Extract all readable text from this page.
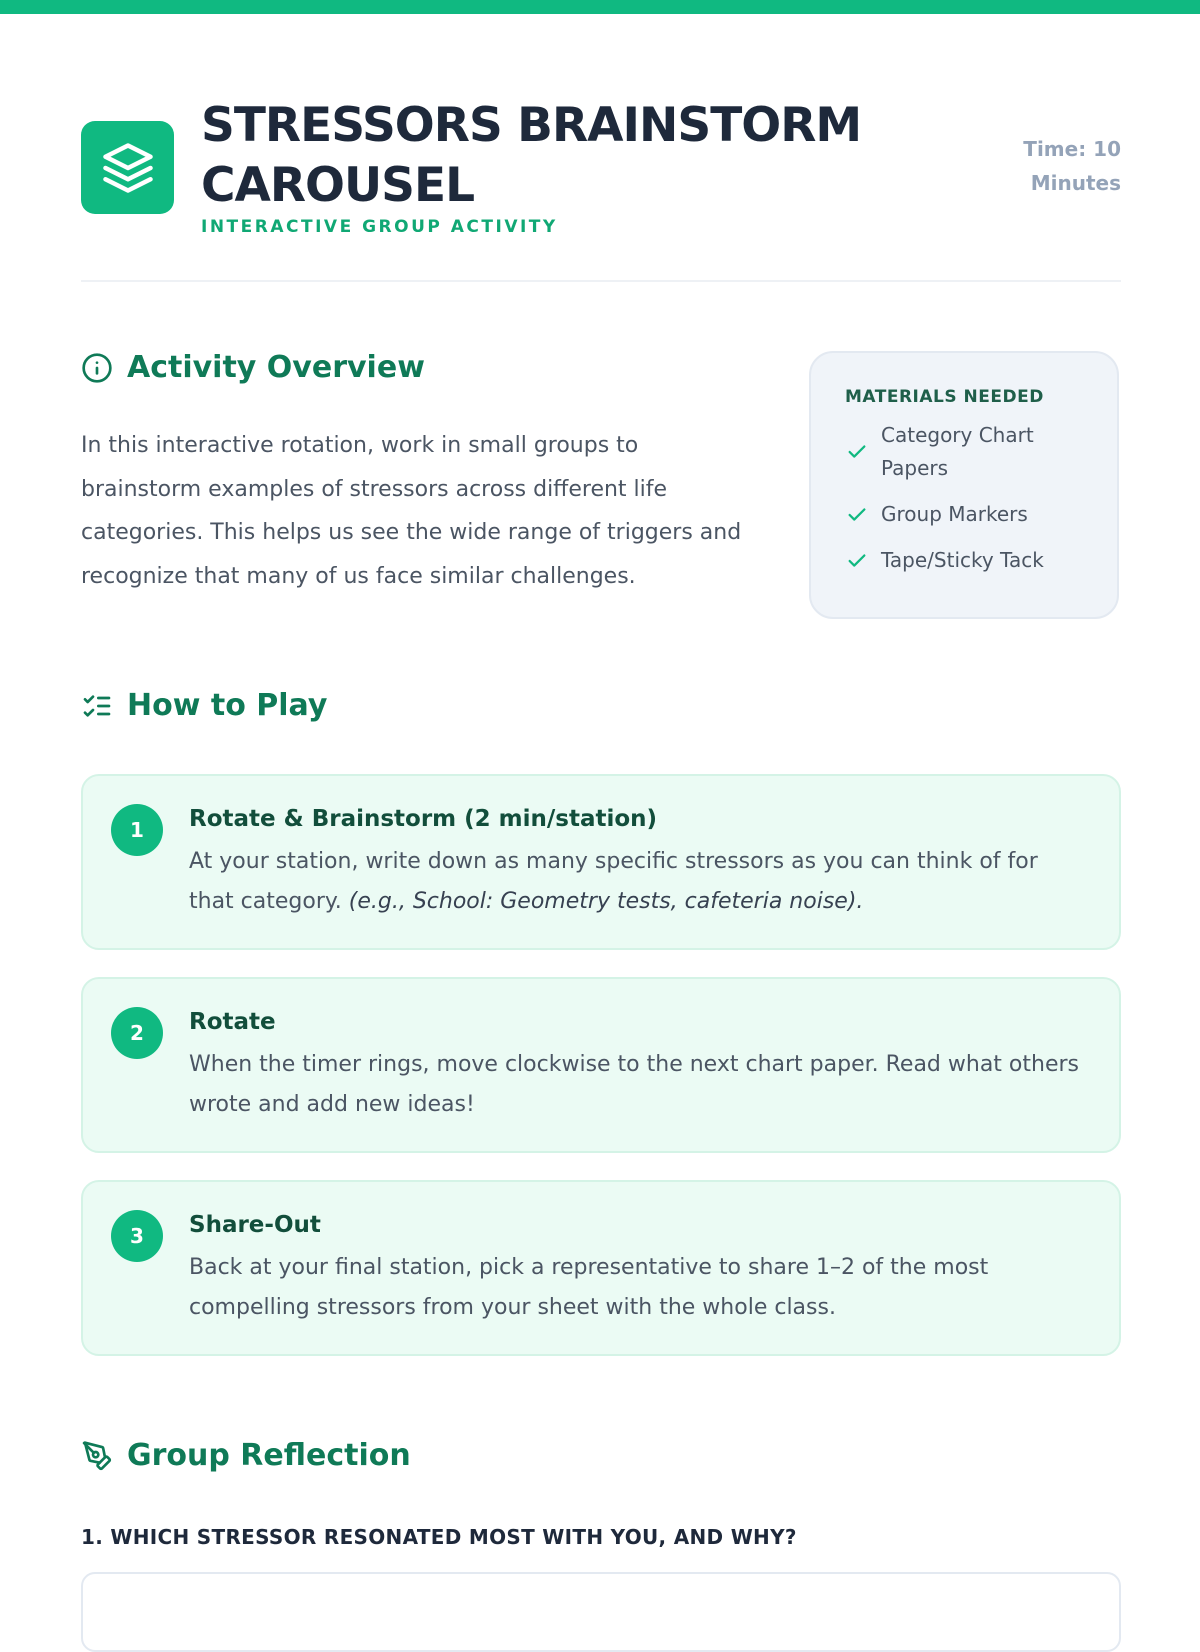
STRESSORS BRAINSTORM CAROUSEL
INTERACTIVE GROUP ACTIVITY
Time: 10 Minutes
Activity Overview

In this interactive rotation, work in small groups to brainstorm examples of stressors across different life categories. This helps us see the wide range of triggers and recognize that many of us face similar challenges.

MATERIALS NEEDED
Category Chart Papers
Group Markers
Tape/Sticky Tack
How to Play
1	Rotate & Brainstorm (2 min/station)

At your station, write down as many specific stressors as you can think of for that category. (e.g., School: Geometry tests, cafeteria noise).

2	Rotate

When the timer rings, move clockwise to the next chart paper. Read what others wrote and add new ideas!

3	Share-Out

Back at your final station, pick a representative to share 1–2 of the most compelling stressors from your sheet with the whole class.

Group Reflection
1. WHICH STRESSOR RESONATED MOST WITH YOU, AND WHY?
